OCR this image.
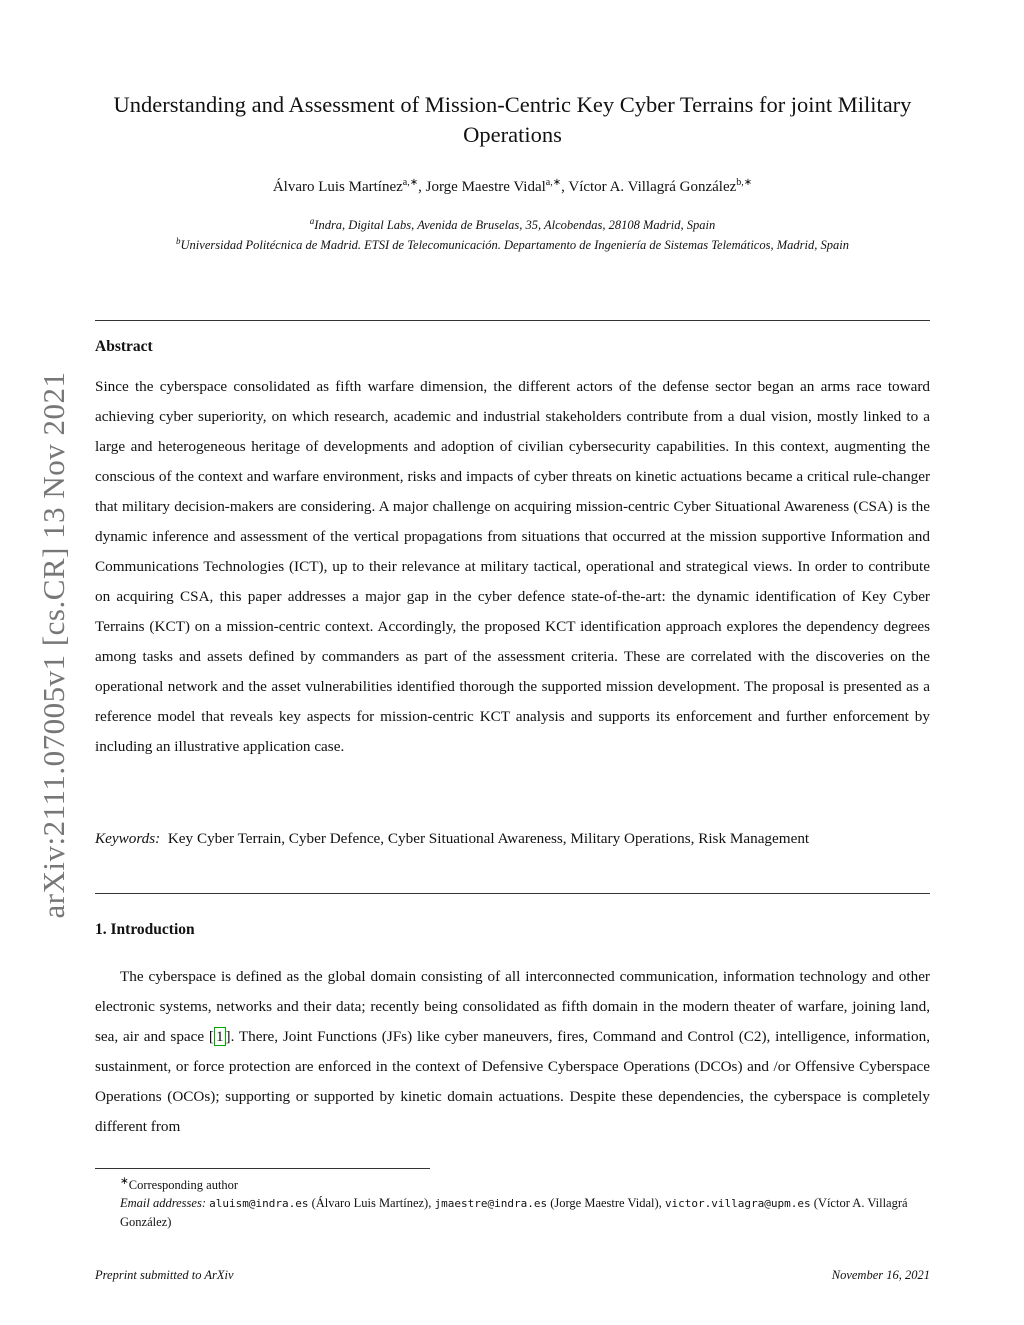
arXiv:2111.07005v1 [cs.CR] 13 Nov 2021
Understanding and Assessment of Mission-Centric Key Cyber Terrains for joint Military Operations
Álvaro Luis Martínez$^{a,∗}$, Jorge Maestre Vidal$^{a,∗}$, Víctor A. Villagrá González$^{b,∗}$
$^a$Indra, Digital Labs, Avenida de Bruselas, 35, Alcobendas, 28108 Madrid, Spain
$^b$Universidad Politécnica de Madrid. ETSI de Telecomunicación. Departamento de Ingeniería de Sistemas Telemáticos, Madrid, Spain
Abstract
Since the cyberspace consolidated as fifth warfare dimension, the different actors of the defense sector began an arms race toward achieving cyber superiority, on which research, academic and industrial stakeholders contribute from a dual vision, mostly linked to a large and heterogeneous heritage of developments and adoption of civilian cybersecurity capabilities. In this context, augmenting the conscious of the context and warfare environment, risks and impacts of cyber threats on kinetic actuations became a critical rule-changer that military decision-makers are considering. A major challenge on acquiring mission-centric Cyber Situational Awareness (CSA) is the dynamic inference and assessment of the vertical propagations from situations that occurred at the mission supportive Information and Communications Technologies (ICT), up to their relevance at military tactical, operational and strategical views. In order to contribute on acquiring CSA, this paper addresses a major gap in the cyber defence state-of-the-art: the dynamic identification of Key Cyber Terrains (KCT) on a mission-centric context. Accordingly, the proposed KCT identification approach explores the dependency degrees among tasks and assets defined by commanders as part of the assessment criteria. These are correlated with the discoveries on the operational network and the asset vulnerabilities identified thorough the supported mission development. The proposal is presented as a reference model that reveals key aspects for mission-centric KCT analysis and supports its enforcement and further enforcement by including an illustrative application case.
Keywords: Key Cyber Terrain, Cyber Defence, Cyber Situational Awareness, Military Operations, Risk Management
1. Introduction
The cyberspace is defined as the global domain consisting of all interconnected communication, information technology and other electronic systems, networks and their data; recently being consolidated as fifth domain in the modern theater of warfare, joining land, sea, air and space [ 1 ]. There, Joint Functions (JFs) like cyber maneuvers, fires, Command and Control (C2), intelligence, information, sustainment, or force protection are enforced in the context of Defensive Cyberspace Operations (DCOs) and /or Offensive Cyberspace Operations (OCOs); supporting or supported by kinetic domain actuations. Despite these dependencies, the cyberspace is completely different from
∗Corresponding author
Email addresses: aluism@indra.es (Álvaro Luis Martínez), jmaestre@indra.es (Jorge Maestre Vidal), victor.villagra@upm.es (Víctor A. Villagrá González)
Preprint submitted to ArXiv	November 16, 2021
